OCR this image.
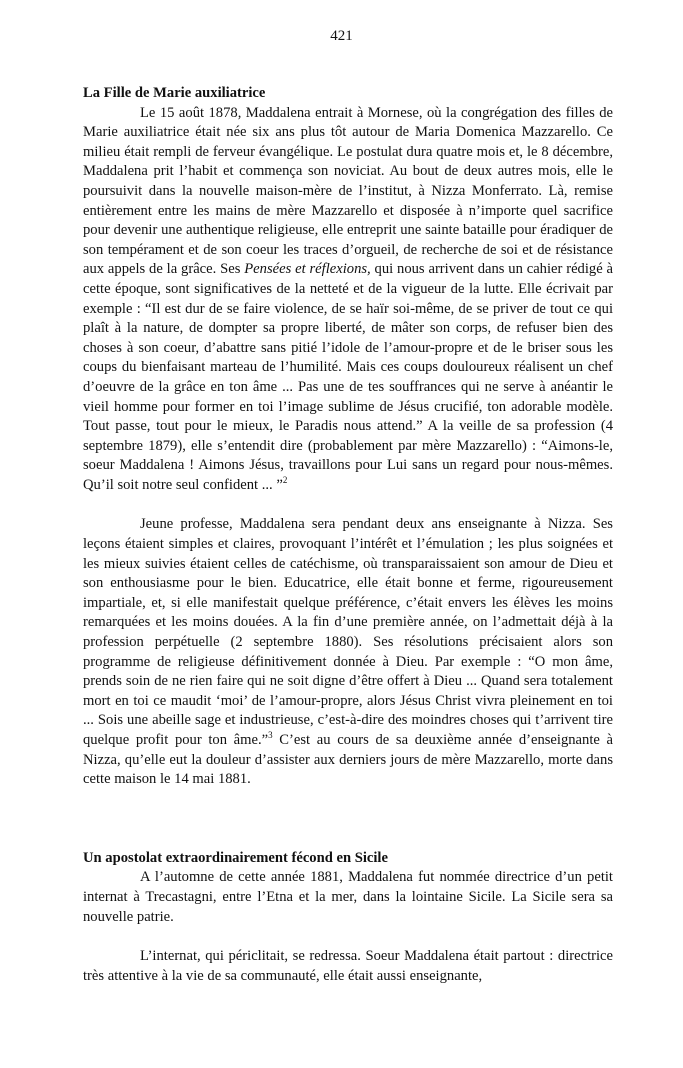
421

La Fille de Marie auxiliatrice

Le 15 août 1878, Maddalena entrait à Mornese, où la congrégation des filles de Marie auxiliatrice était née six ans plus tôt autour de Maria Domenica Mazzarello. Ce milieu était rempli de ferveur évangélique. Le postulat dura quatre mois et, le 8 décembre, Maddalena prit l’habit et commença son noviciat. Au bout de deux autres mois, elle le poursuivit dans la nouvelle maison-mère de l’institut, à Nizza Monferrato. Là, remise entièrement entre les mains de mère Mazzarello et disposée à n’importe quel sacrifice pour devenir une authentique religieuse, elle entreprit une sainte bataille pour éradiquer de son tempérament et de son coeur les traces d’orgueil, de recherche de soi et de résistance aux appels de la grâce. Ses Pensées et réflexions, qui nous arrivent dans un cahier rédigé à cette époque, sont significatives de la netteté et de la vigueur de la lutte. Elle écrivait par exemple : “Il est dur de se faire violence, de se haïr soi-même, de se priver de tout ce qui plaît à la nature, de dompter sa propre liberté, de mâter son corps, de refuser bien des choses à son coeur, d’abattre sans pitié l’idole de l’amour-propre et de le briser sous les coups du bienfaisant marteau de l’humilité. Mais ces coups douloureux réalisent un chef d’oeuvre de la grâce en ton âme ... Pas une de tes souffrances qui ne serve à anéantir le vieil homme pour former en toi l’image sublime de Jésus crucifié, ton adorable modèle. Tout passe, tout pour le mieux, le Paradis nous attend.” A la veille de sa profession (4 septembre 1879), elle s’entendit dire (probablement par mère Mazzarello) : “Aimons-le, soeur Maddalena ! Aimons Jésus, travaillons pour Lui sans un regard pour nous-mêmes. Qu’il soit notre seul confident ... ”$^2$

Jeune professe, Maddalena sera pendant deux ans enseignante à Nizza. Ses leçons étaient simples et claires, provoquant l’intérêt et l’émulation ; les plus soignées et les mieux suivies étaient celles de catéchisme, où transparaissaient son amour de Dieu et son enthousiasme pour le bien. Educatrice, elle était bonne et ferme, rigoureusement impartiale, et, si elle manifestait quelque préférence, c’était envers les élèves les moins remarquées et les moins douées. A la fin d’une première année, on l’admettait déjà à la profession perpétuelle (2 septembre 1880). Ses résolutions précisaient alors son programme de religieuse définitivement donnée à Dieu. Par exemple : “O mon âme, prends soin de ne rien faire qui ne soit digne d’être offert à Dieu ... Quand sera totalement mort en toi ce maudit ‘moi’ de l’amour-propre, alors Jésus Christ vivra pleinement en toi ... Sois une abeille sage et industrieuse, c’est-à-dire des moindres choses qui t’arrivent tire quelque profit pour ton âme.”$^3$ C’est au cours de sa deuxième année d’enseignante à Nizza, qu’elle eut la douleur d’assister aux derniers jours de mère Mazzarello, morte dans cette maison le 14 mai 1881.

Un apostolat extraordinairement fécond en Sicile

A l’automne de cette année 1881, Maddalena fut nommée directrice d’un petit internat à Trecastagni, entre l’Etna et la mer, dans la lointaine Sicile. La Sicile sera sa nouvelle patrie.

L’internat, qui périclitait, se redressa. Soeur Maddalena était partout : directrice très attentive à la vie de sa communauté, elle était aussi enseignante,
